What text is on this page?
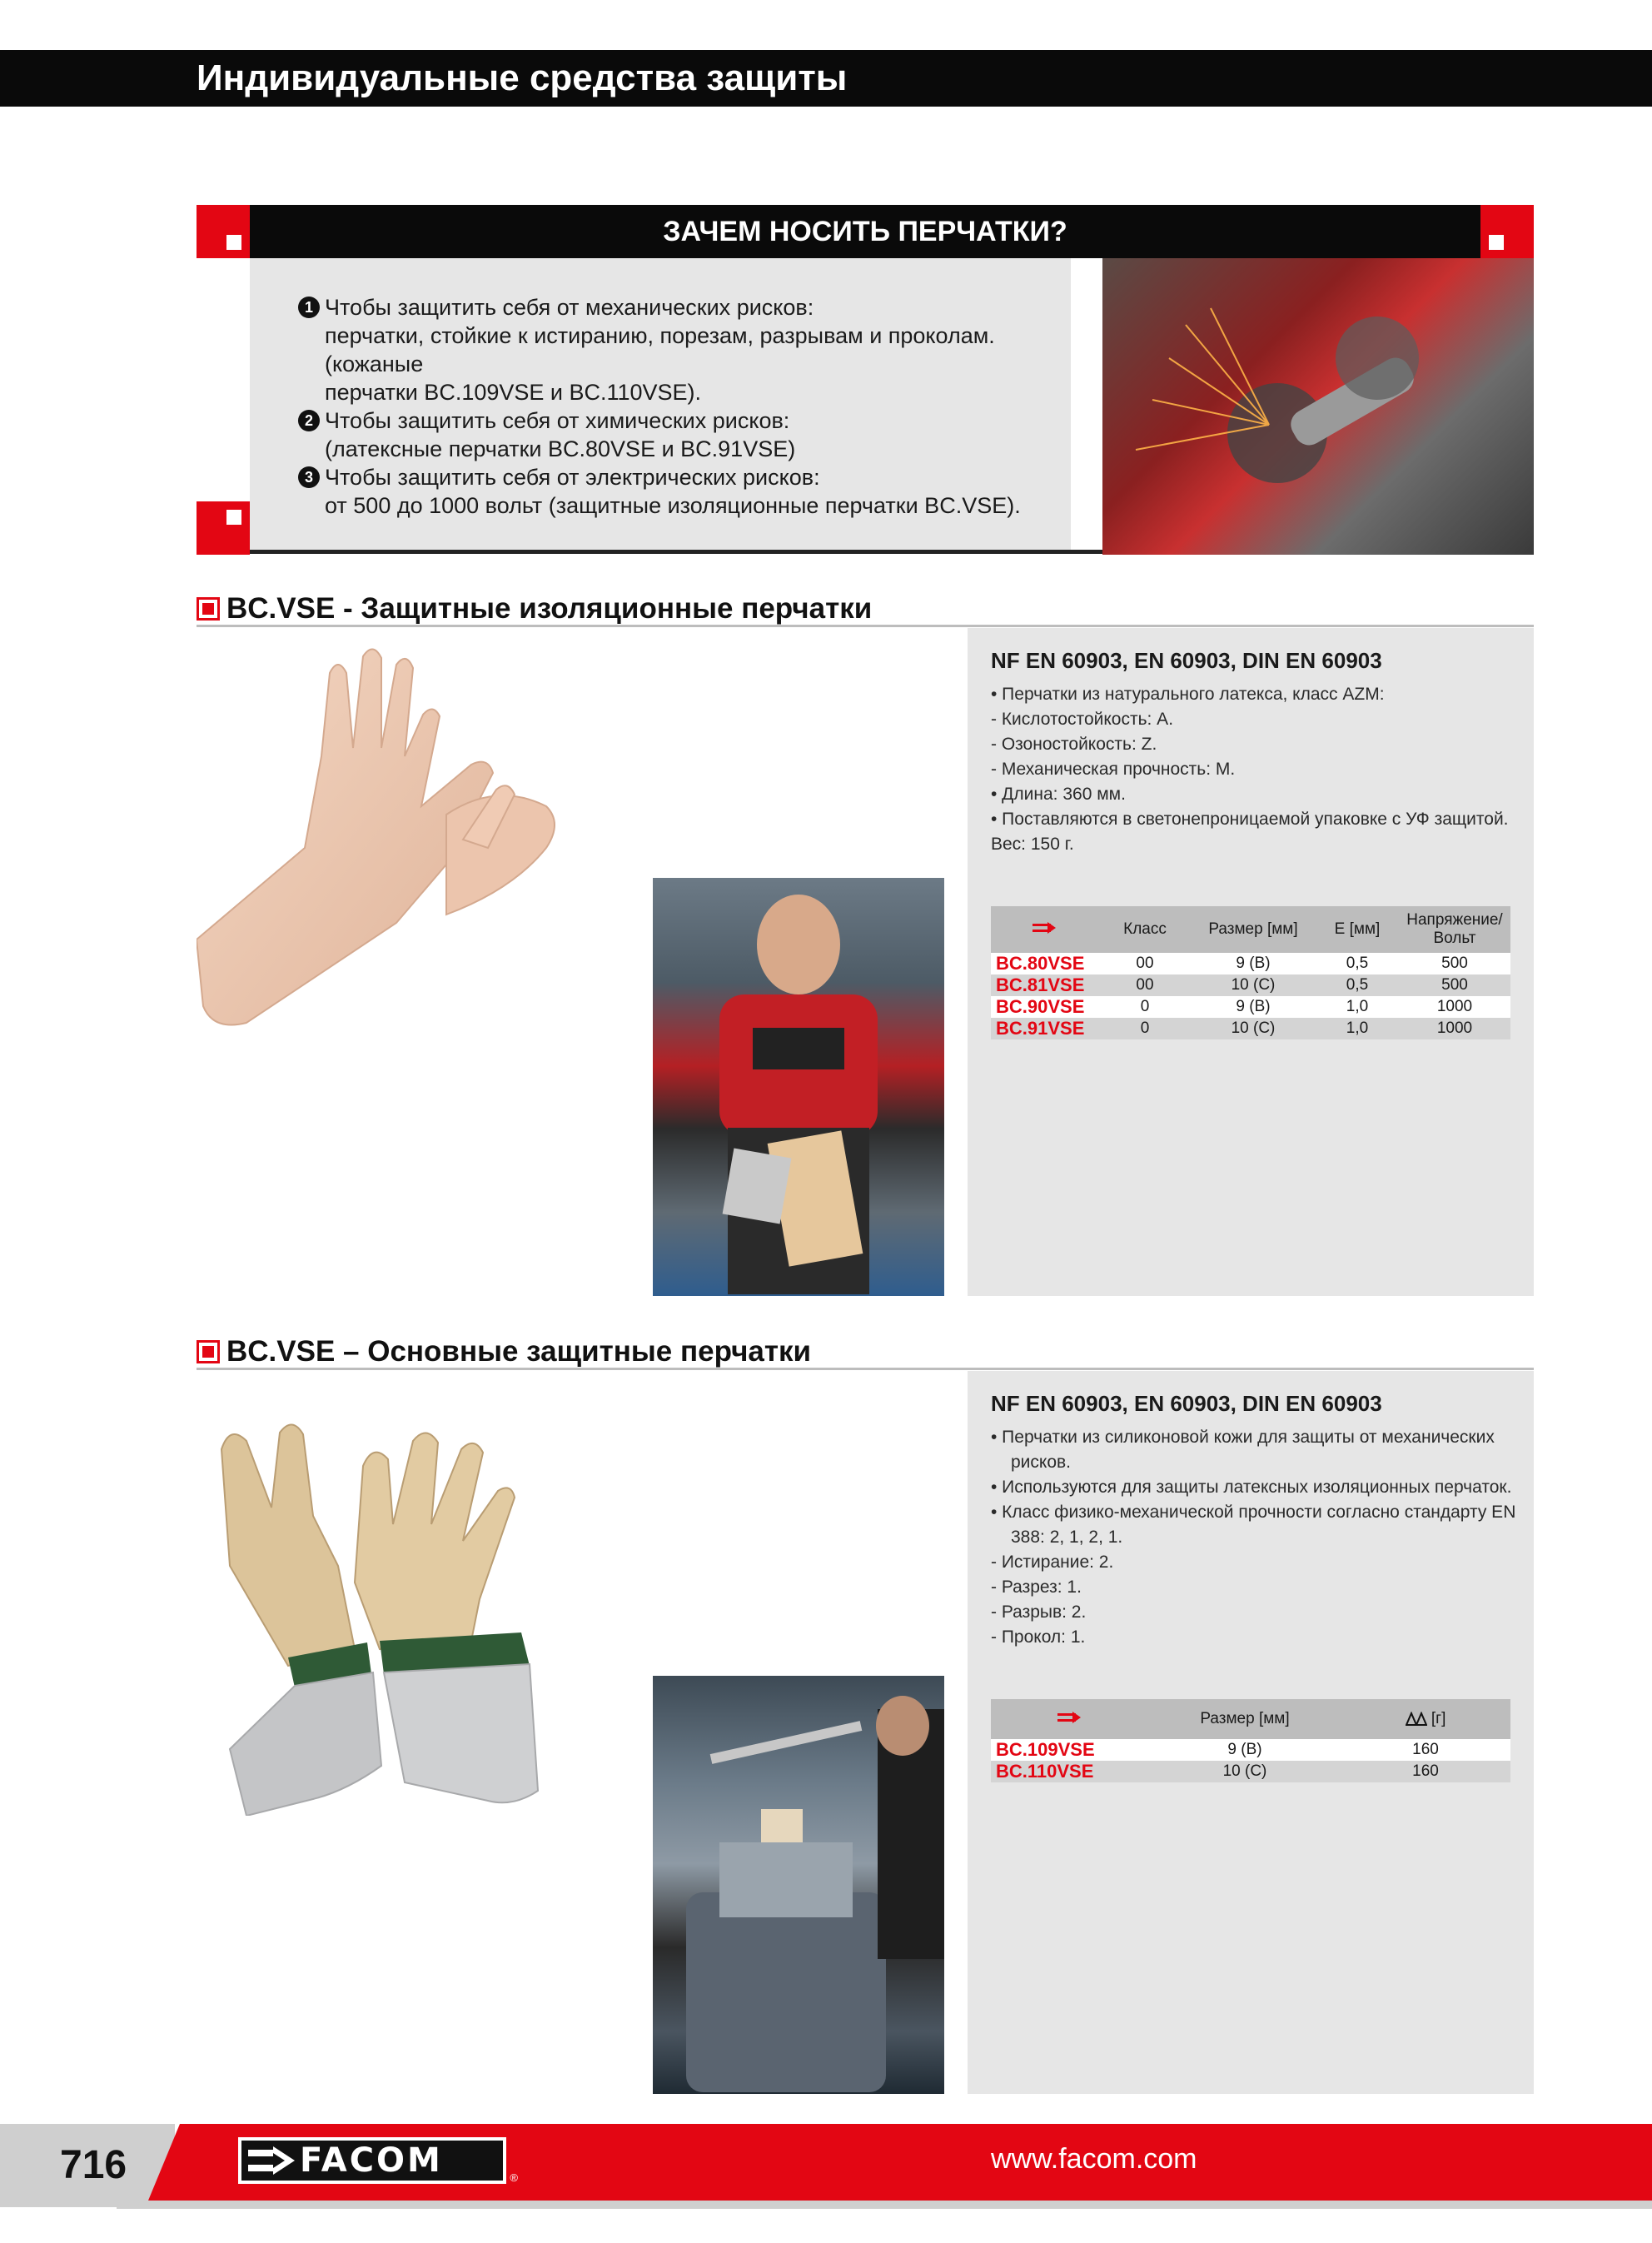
Индивидуальные средства защиты
ЗАЧЕМ НОСИТЬ ПЕРЧАТКИ?
1 Чтобы защитить себя от механических рисков:
перчатки, стойкие к истиранию, порезам, разрывам и проколам. (кожаные
перчатки BC.109VSE и BC.110VSE).
2 Чтобы защитить себя от химических рисков:
(латексные перчатки BC.80VSE и BC.91VSE)
3 Чтобы защитить себя от электрических рисков:
от 500 до 1000 вольт (защитные изоляционные перчатки BC.VSE).
BC.VSE - Защитные изоляционные перчатки
NF EN 60903, EN 60903, DIN EN 60903
• Перчатки из натурального латекса, класс AZM:
- Кислотостойкость: A.
- Озоностойкость: Z.
- Механическая прочность: M.
• Длина: 360 мм.
• Поставляются в светонепроницаемой упаковке с УФ защитой.
Вес: 150 г.
	Класс	Размер [мм]	E [мм]	Напряжение/ Вольт
BC.80VSE	00	9 (B)	0,5	500
BC.81VSE	00	10 (C)	0,5	500
BC.90VSE	0	9 (B)	1,0	1000
BC.91VSE	0	10 (C)	1,0	1000
BC.VSE – Основные защитные перчатки
NF EN 60903, EN 60903, DIN EN 60903
• Перчатки из силиконовой кожи для защиты от механических
рисков.
• Используются для защиты латексных изоляционных перчаток.
• Класс физико-механической прочности согласно стандарту EN
388: 2, 1, 2, 1.
- Истирание: 2.
- Разрез: 1.
- Разрыв: 2.
- Прокол: 1.
	Размер [мм]	[г]
BC.109VSE	9 (B)	160
BC.110VSE	10 (C)	160
716	FACOM	®
www.facom.com
